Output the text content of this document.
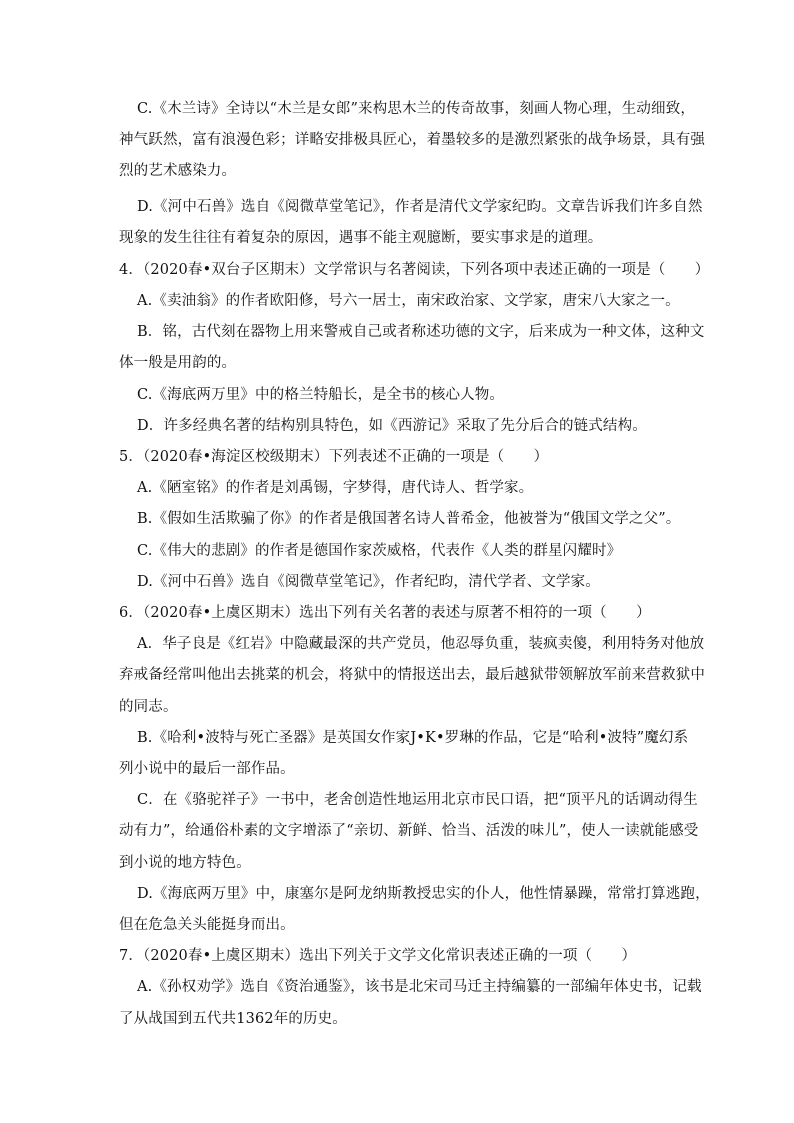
C.《木兰诗》全诗以“木兰是女郎”来构思木兰的传奇故事，刻画人物心理，生动细致，
神气跃然，富有浪漫色彩；详略安排极具匠心，着墨较多的是激烈紧张的战争场景，具有强
烈的艺术感染力。
D.《河中石兽》选自《阅微草堂笔记》，作者是清代文学家纪昀。文章告诉我们许多自然
现象的发生往往有着复杂的原因，遇事不能主观臆断，要实事求是的道理。
4．（2020春•双台子区期末）文学常识与名著阅读，下列各项中表述正确的一项是（　　）
A.《卖油翁》的作者欧阳修，号六一居士，南宋政治家、文学家，唐宋八大家之一。
B．铭，古代刻在器物上用来警戒自己或者称述功德的文字，后来成为一种文体，这种文
体一般是用韵的。
C.《海底两万里》中的格兰特船长，是全书的核心人物。
D．许多经典名著的结构别具特色，如《西游记》采取了先分后合的链式结构。
5．（2020春•海淀区校级期末）下列表述不正确的一项是（　　）
A.《陋室铭》的作者是刘禹锡，字梦得，唐代诗人、哲学家。
B.《假如生活欺骗了你》的作者是俄国著名诗人普希金，他被誉为“俄国文学之父”。
C.《伟大的悲剧》的作者是德国作家茨威格，代表作《人类的群星闪耀时》
D.《河中石兽》选自《阅微草堂笔记》，作者纪昀，清代学者、文学家。
6．（2020春•上虞区期末）选出下列有关名著的表述与原著不相符的一项（　　）
A．华子良是《红岩》中隐藏最深的共产党员，他忍辱负重，装疯卖傻，利用特务对他放
弃戒备经常叫他出去挑菜的机会，将狱中的情报送出去，最后越狱带领解放军前来营救狱中
的同志。
B.《哈利•波特与死亡圣器》是英国女作家J•K•罗琳的作品，它是“哈利•波特”魔幻系
列小说中的最后一部作品。
C．在《骆驼祥子》一书中，老舍创造性地运用北京市民口语，把“顶平凡的话调动得生
动有力”，给通俗朴素的文字增添了“亲切、新鲜、恰当、活泼的味儿”，使人一读就能感受
到小说的地方特色。
D.《海底两万里》中，康塞尔是阿龙纳斯教授忠实的仆人，他性情暴躁，常常打算逃跑，
但在危急关头能挺身而出。
7．（2020春•上虞区期末）选出下列关于文学文化常识表述正确的一项（　　）
A.《孙权劝学》选自《资治通鉴》，该书是北宋司马迁主持编纂的一部编年体史书，记载
了从战国到五代共1362年的历史。
